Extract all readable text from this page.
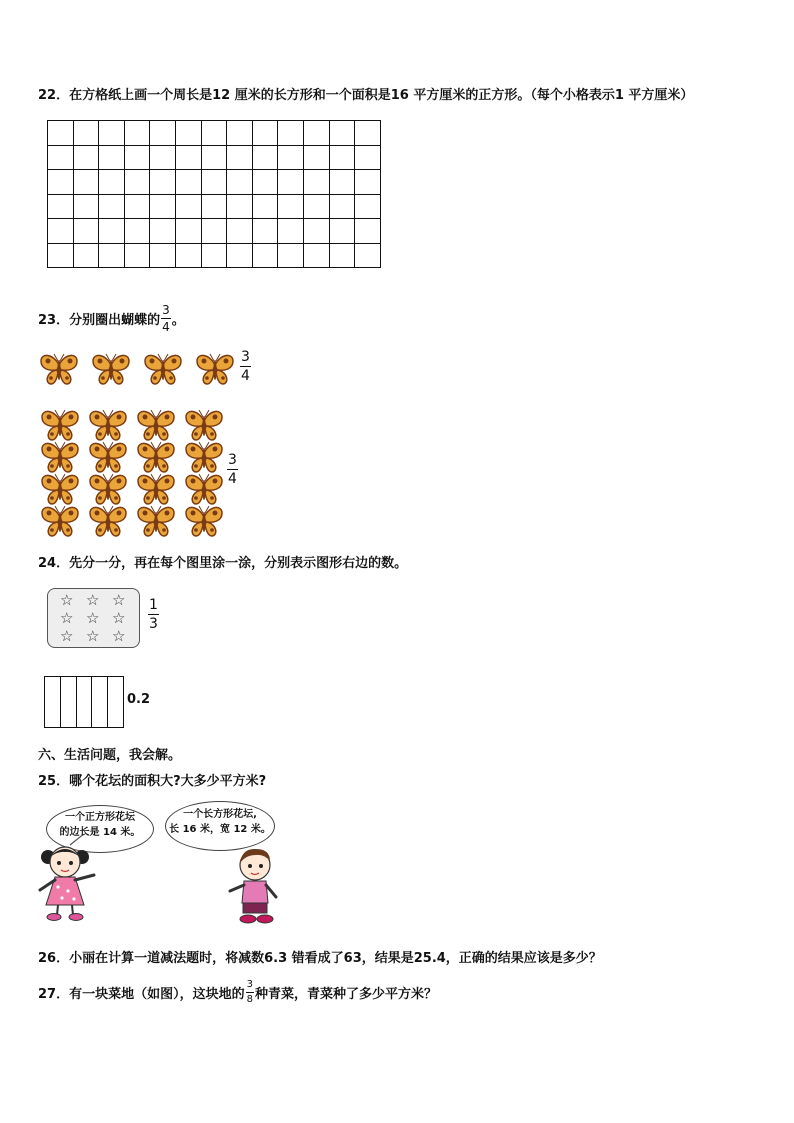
22．在方格纸上画一个周长是12 厘米的长方形和一个面积是16 平方厘米的正方形。（每个小格表示1 平方厘米）

23．分别圈出蝴蝶的 $\frac{3}{4}$ 。
$\frac{3}{4}$
$\frac{3}{4}$
24．先分一分，再在每个图里涂一涂，分别表示图形右边的数。
☆ ☆ ☆
☆ ☆ ☆
☆ ☆ ☆
$\frac{1}{3}$
0.2
六、生活问题，我会解。
25．哪个花坛的面积大?大多少平方米?
一个正方形花坛
的边长是 14 米。
一个长方形花坛,
长 16 米，宽 12 米。
26．小丽在计算一道减法题时，将减数6.3 错看成了63，结果是25.4，正确的结果应该是多少？
27．有一块菜地（如图），这块地的 $\frac{3}{8}$ 种青菜，青菜种了多少平方米？
